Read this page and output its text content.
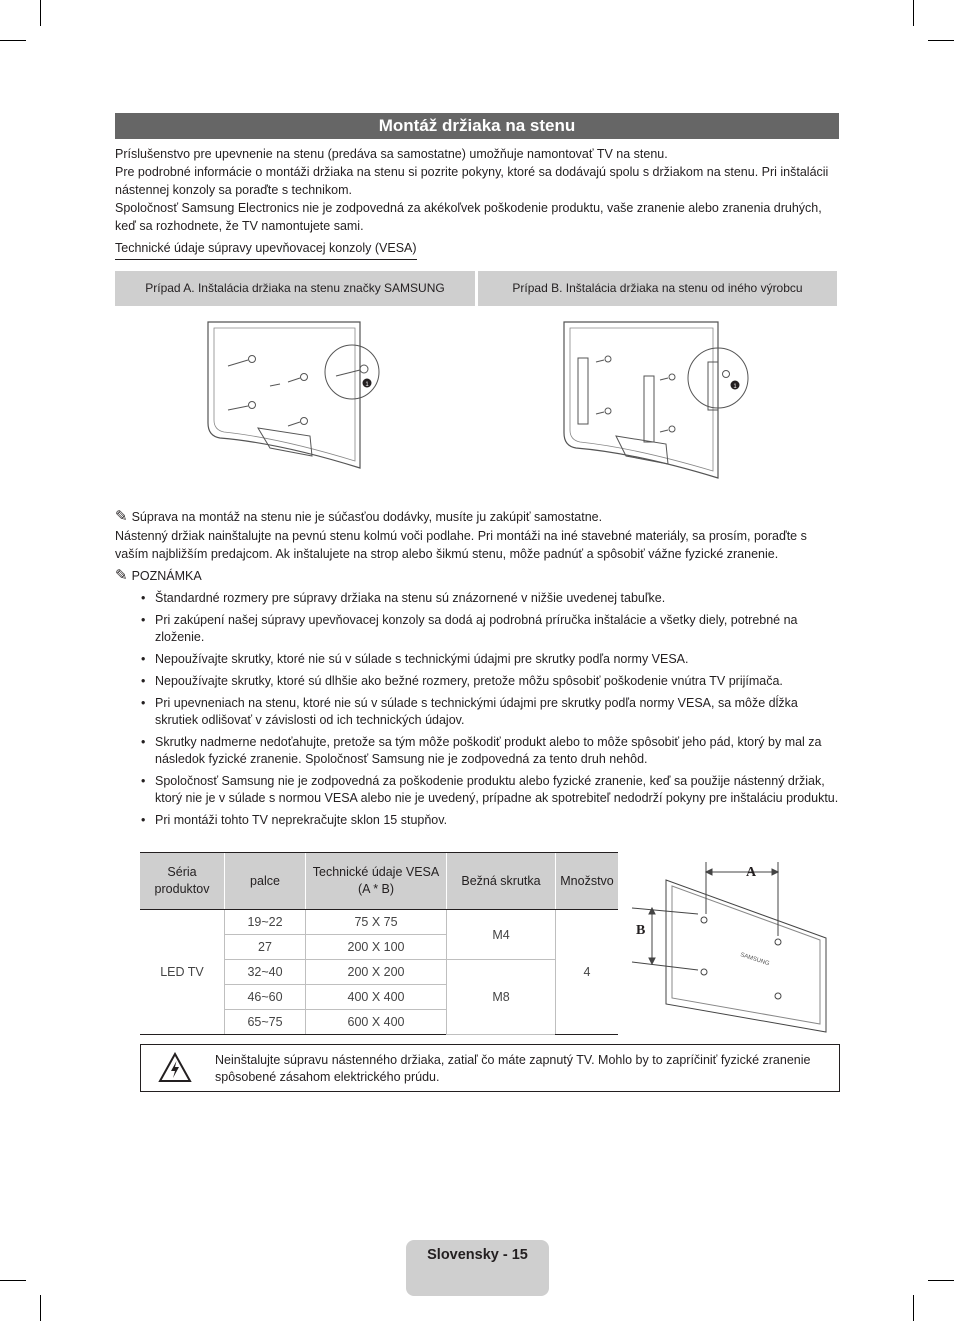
Montáž držiaka na stenu
Príslušenstvo pre upevnenie na stenu (predáva sa samostatne) umožňuje namontovať TV na stenu.
Pre podrobné informácie o montáži držiaka na stenu si pozrite pokyny, ktoré sa dodávajú spolu s držiakom na stenu. Pri inštalácii nástennej konzoly sa poraďte s technikom.
Spoločnosť Samsung Electronics nie je zodpovedná za akékoľvek poškodenie produktu, vaše zranenie alebo zranenia druhých, keď sa rozhodnete, že TV namontujete sami.
Technické údaje súpravy upevňovacej konzoly (VESA)
Prípad A. Inštalácia držiaka na stenu značky SAMSUNG	Prípad B. Inštalácia držiaka na stenu od iného výrobcu
1	1
✎ Súprava na montáž na stenu nie je súčasťou dodávky, musíte ju zakúpiť samostatne.
Nástenný držiak nainštalujte na pevnú stenu kolmú voči podlahe. Pri montáži na iné stavebné materiály, sa prosím, poraďte s vaším najbližším predajcom. Ak inštalujete na strop alebo šikmú stenu, môže padnúť a spôsobiť vážne fyzické zranenie.
✎ POZNÁMKA
• Štandardné rozmery pre súpravy držiaka na stenu sú znázornené v nižšie uvedenej tabuľke.
• Pri zakúpení našej súpravy upevňovacej konzoly sa dodá aj podrobná príručka inštalácie a všetky diely, potrebné na zloženie.
• Nepoužívajte skrutky, ktoré nie sú v súlade s technickými údajmi pre skrutky podľa normy VESA.
• Nepoužívajte skrutky, ktoré sú dlhšie ako bežné rozmery, pretože môžu spôsobiť poškodenie vnútra TV prijímača.
• Pri upevneniach na stenu, ktoré nie sú v súlade s technickými údajmi pre skrutky podľa normy VESA, sa môže dĺžka skrutiek odlišovať v závislosti od ich technických údajov.
• Skrutky nadmerne nedoťahujte, pretože sa tým môže poškodiť produkt alebo to môže spôsobiť jeho pád, ktorý by mal za následok fyzické zranenie. Spoločnosť Samsung nie je zodpovedná za tento druh nehôd.
• Spoločnosť Samsung nie je zodpovedná za poškodenie produktu alebo fyzické zranenie, keď sa použije nástenný držiak, ktorý nie je v súlade s normou VESA alebo nie je uvedený, prípadne ak spotrebiteľ nedodrží pokyny pre inštaláciu produktu.
• Pri montáži tohto TV neprekračujte sklon 15 stupňov.
Séria produktov	palce	Technické údaje VESA (A * B)	Bežná skrutka	Množstvo
LED TV	19~22	75 X 75	M4	4
	27	200 X 100		
	32~40	200 X 200	M8	
	46~60	400 X 400		
	65~75	600 X 400		
A
B
SAMSUNG
Neinštalujte súpravu nástenného držiaka, zatiaľ čo máte zapnutý TV. Mohlo by to zapríčiniť fyzické zranenie spôsobené zásahom elektrického prúdu.
Slovensky - 15
